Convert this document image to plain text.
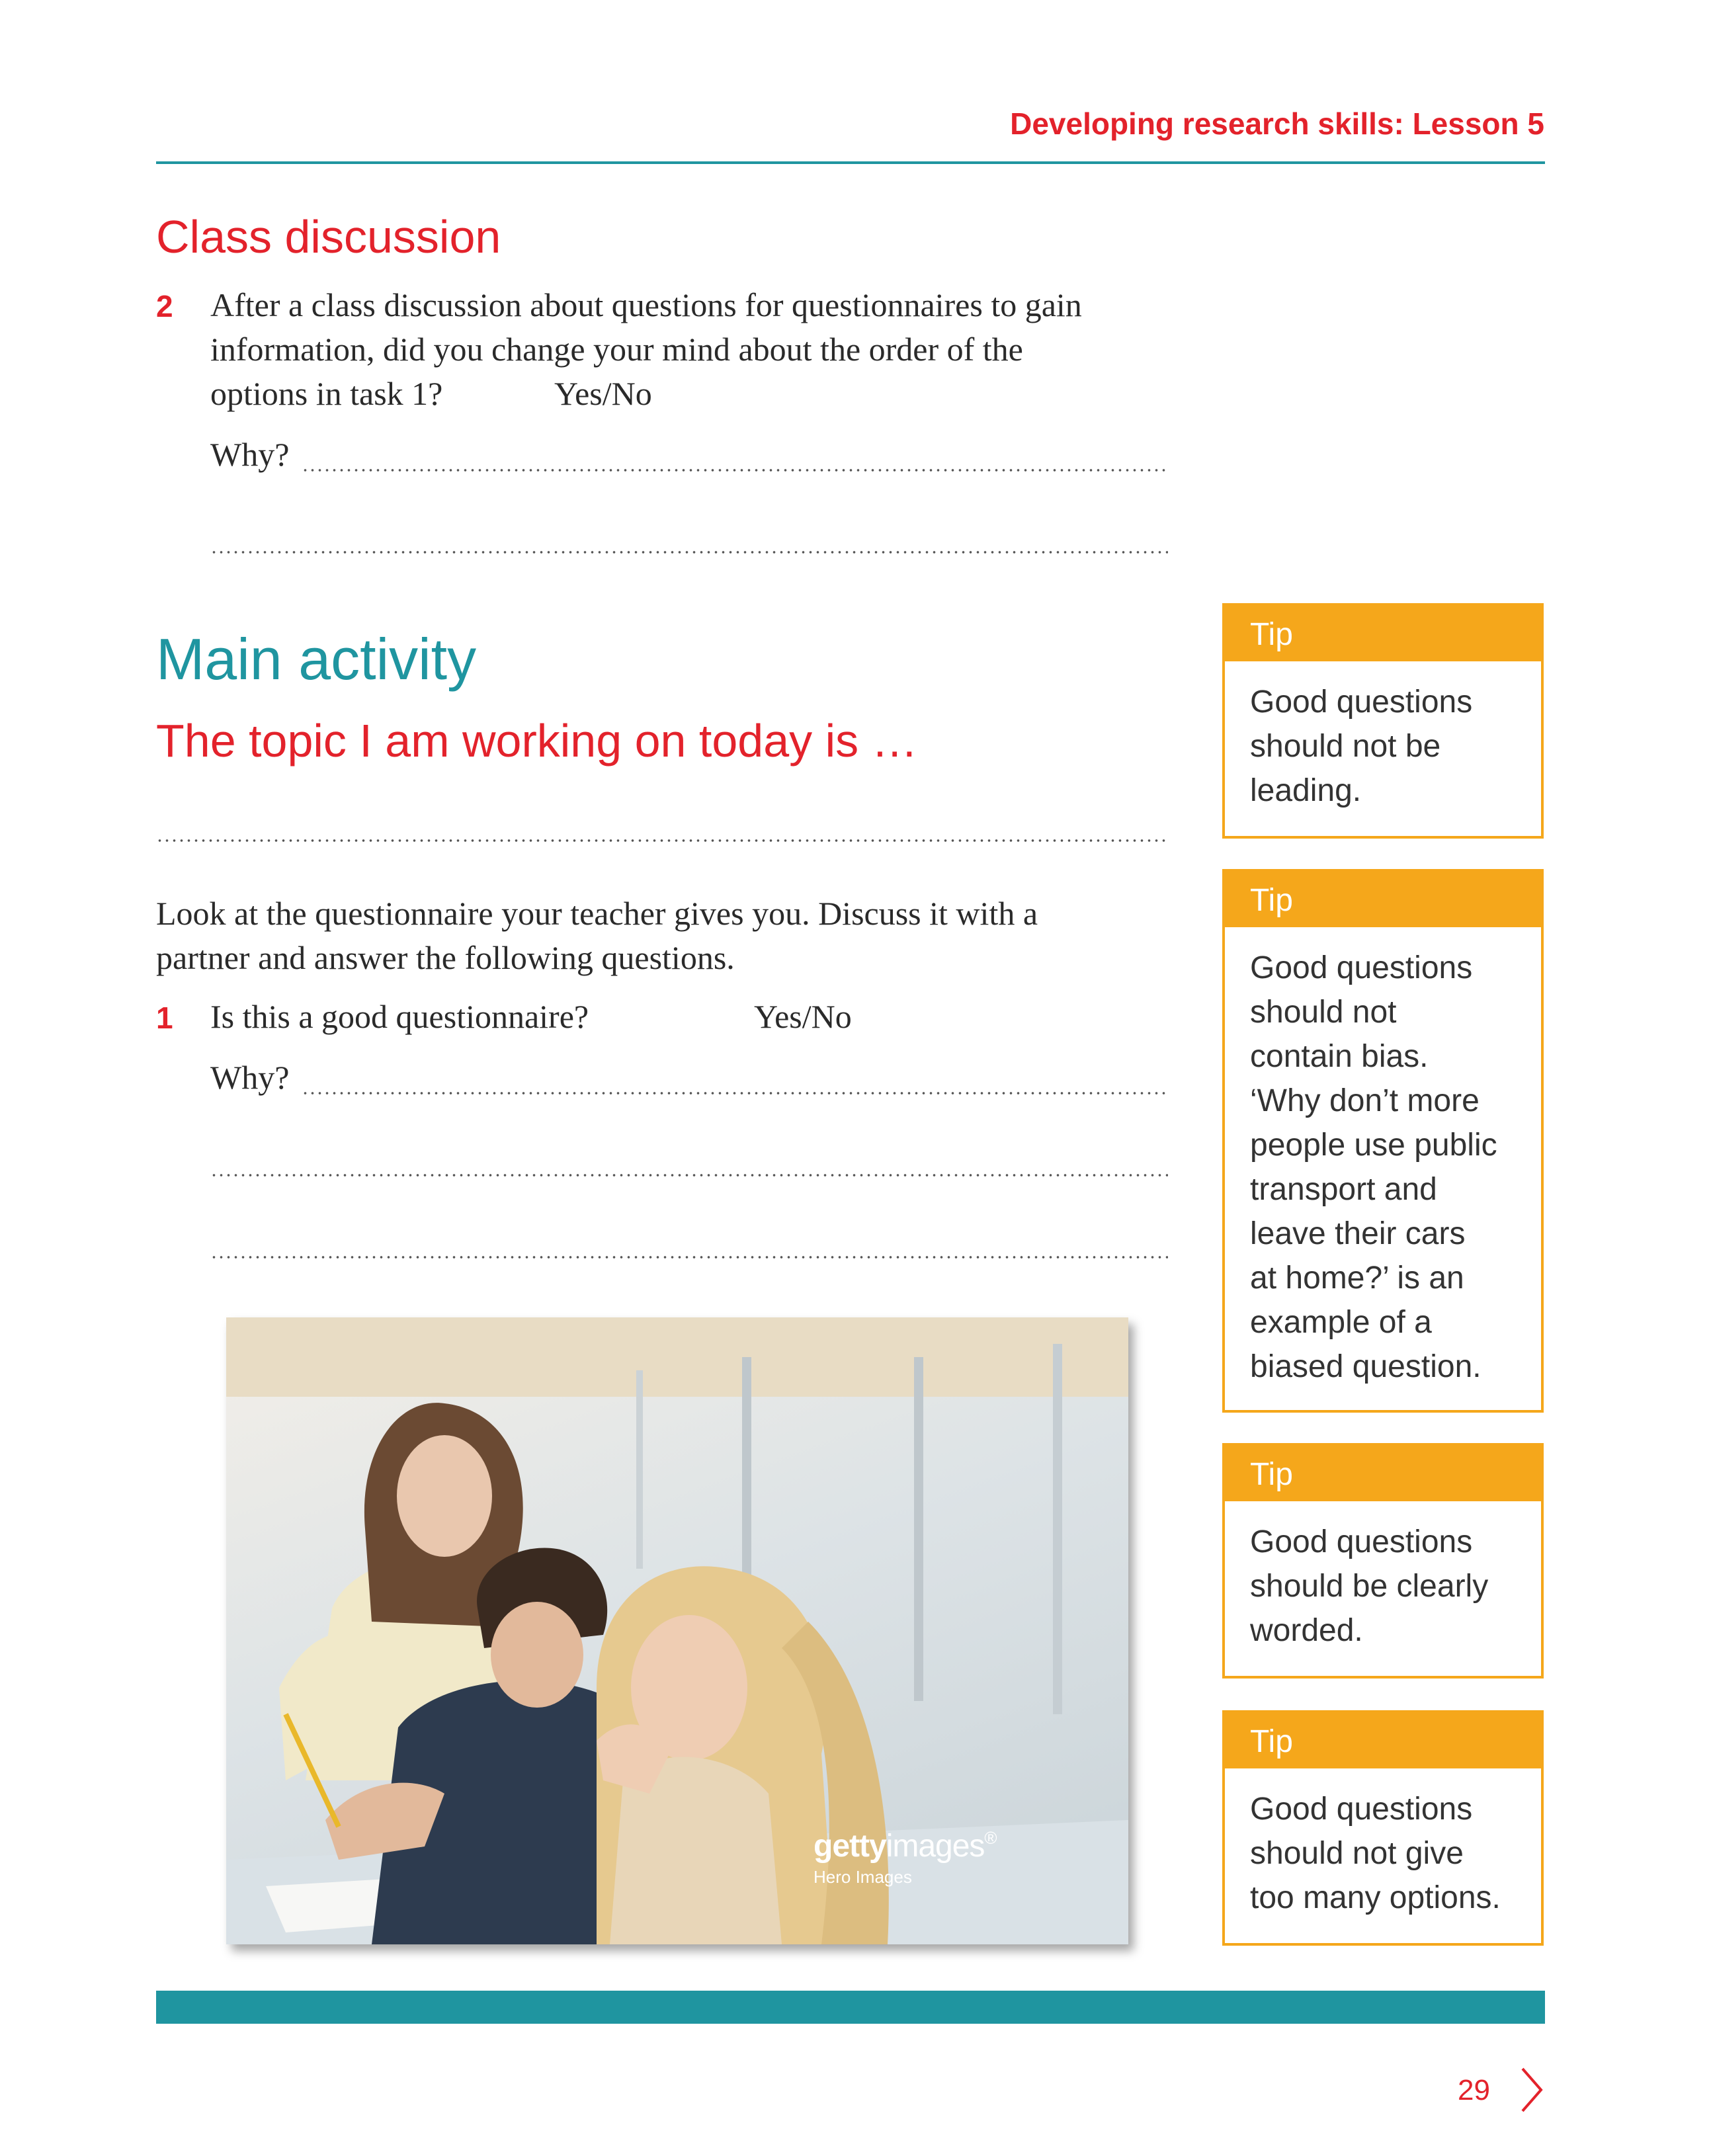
Developing research skills: Lesson 5
Class discussion
2 After a class discussion about questions for questionnaires to gain
information, did you change your mind about the order of the
options in task 1?	Yes/No
Why?
Main activity
The topic I am working on today is …
Look at the questionnaire your teacher gives you. Discuss it with a
partner and answer the following questions.
1 Is this a good questionnaire?	Yes/No
Why?
Tip
Good questions
should not be
leading.
Tip
Good questions
should not
contain bias.
‘Why don’t more
people use public
transport and
leave their cars
at home?’ is an
example of a
biased question.
Tip
Good questions
should be clearly
worded.
Tip
Good questions
should not give
too many options.
gettyimages®
Hero Images
29
